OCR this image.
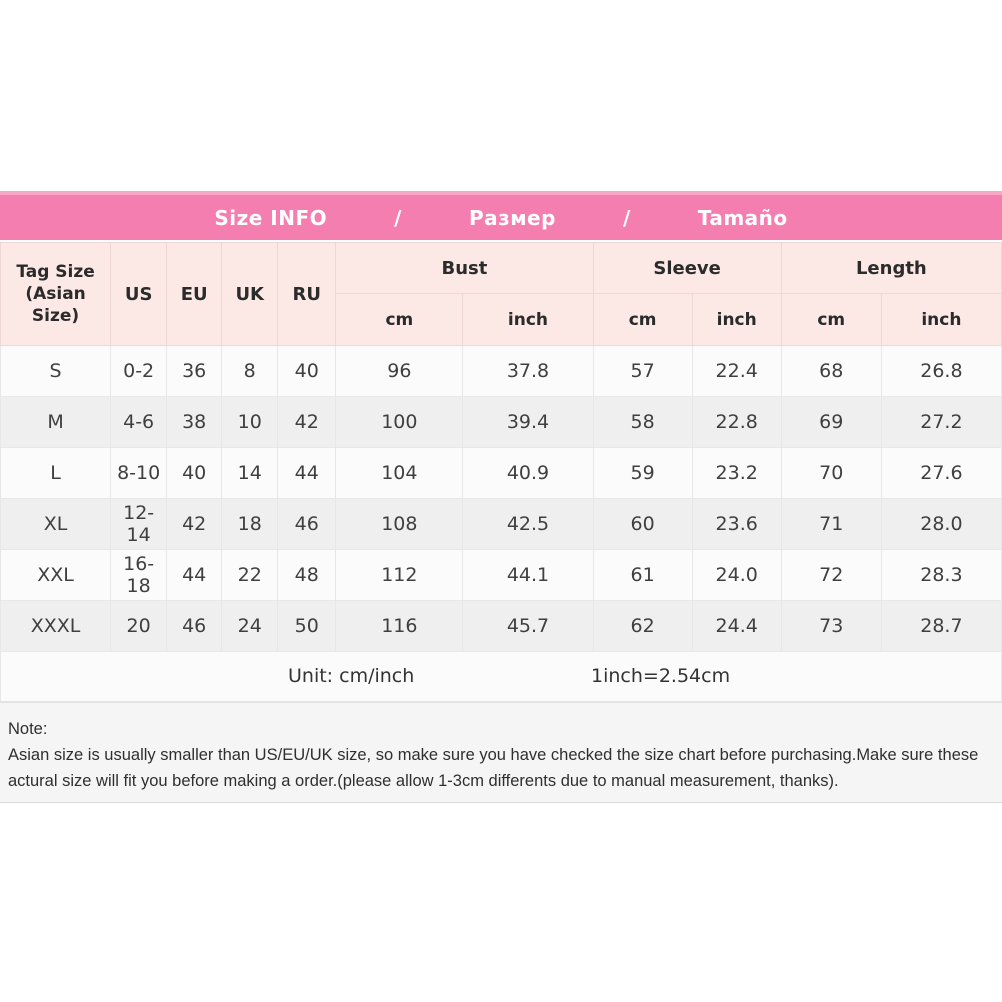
Size INFO	/	Размер	/	Tamaño
Tag Size
(Asian Size)	US	EU	UK	RU	Bust		Sleeve		Length	
					cm	inch	cm	inch	cm	inch
S	0-2	36	8	40	96	37.8	57	22.4	68	26.8
M	4-6	38	10	42	100	39.4	58	22.8	69	27.2
L	8-10	40	14	44	104	40.9	59	23.2	70	27.6
XL	12-14	42	18	46	108	42.5	60	23.6	71	28.0
XXL	16-18	44	22	48	112	44.1	61	24.0	72	28.3
XXXL	20	46	24	50	116	45.7	62	24.4	73	28.7
Unit: cm/inch	1inch=2.54cm
Note:
Asian size is usually smaller than US/EU/UK size, so make sure you have checked the size chart before purchasing.Make sure these actural size will fit you before making a order.(please allow 1-3cm differents due to manual measurement, thanks).
